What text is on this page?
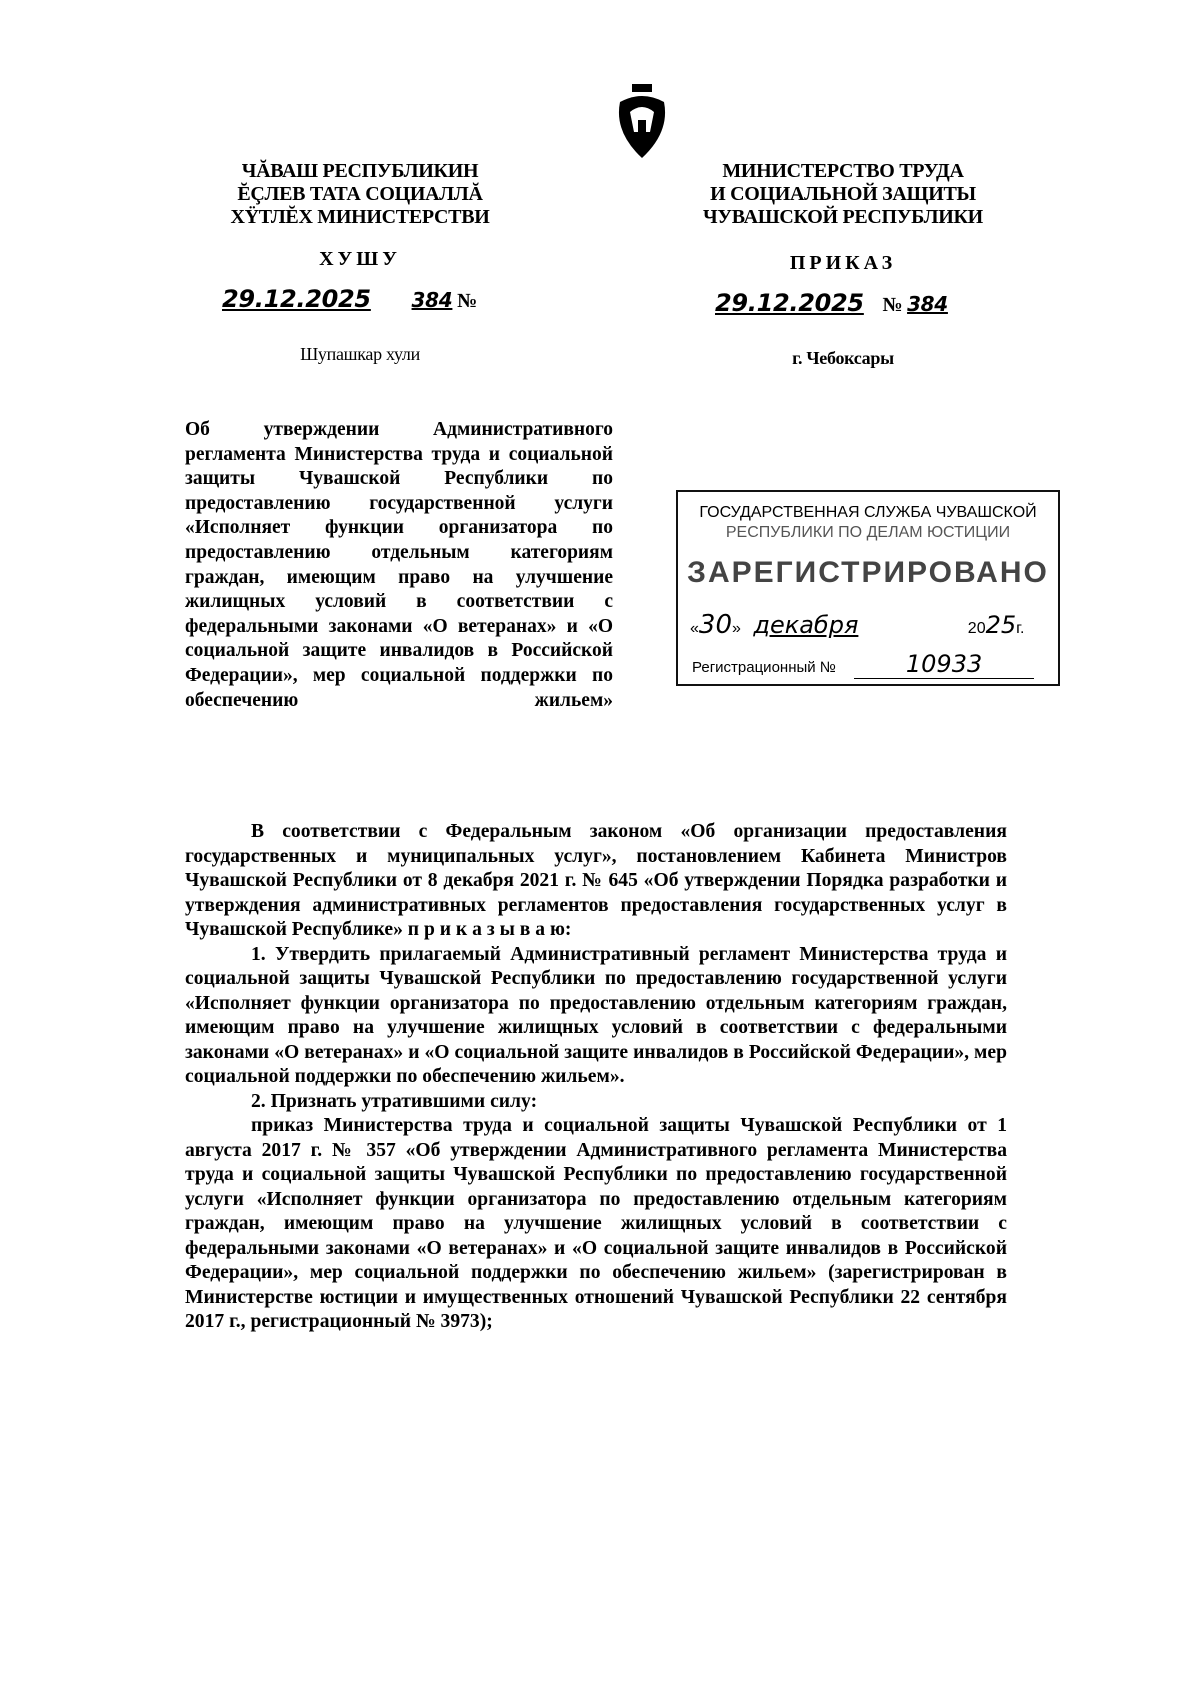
ЧĂВАШ РЕСПУБЛИКИН
ĔÇЛЕВ ТАТА СОЦИАЛЛĂ
ХŸТЛĔХ МИНИСТЕРСТВИ
ХУШУ
29.12.2025 384 №
Шупашкар хули
МИНИСТЕРСТВО ТРУДА
И СОЦИАЛЬНОЙ ЗАЩИТЫ
ЧУВАШСКОЙ РЕСПУБЛИКИ
ПРИКАЗ
29.12.2025 № 384
г. Чебоксары
Об утверждении Административного регламента Министерства труда и социальной защиты Чувашской Республики по предоставлению государственной услуги «Исполняет функции организатора по предоставлению отдельным категориям граждан, имеющим право на улучшение жилищных условий в соответствии с федеральными законами «О ветеранах» и «О социальной защите инвалидов в Российской Федерации», мер социальной поддержки по обеспечению жильем»
ГОСУДАРСТВЕННАЯ СЛУЖБА ЧУВАШСКОЙ
РЕСПУБЛИКИ ПО ДЕЛАМ ЮСТИЦИИ
ЗАРЕГИСТРИРОВАНО
«30» декабря	2025г.
Регистрационный №	10933

В соответствии с Федеральным законом «Об организации предоставления государственных и муниципальных услуг», постановлением Кабинета Министров Чувашской Республики от 8 декабря 2021 г. № 645 «Об утверждении Порядка разработки и утверждения административных регламентов предоставления государственных услуг в Чувашской Республике» п р и к а з ы в а ю:

1. Утвердить прилагаемый Административный регламент Министерства труда и социальной защиты Чувашской Республики по предоставлению государственной услуги «Исполняет функции организатора по предоставлению отдельным категориям граждан, имеющим право на улучшение жилищных условий в соответствии с федеральными законами «О ветеранах» и «О социальной защите инвалидов в Российской Федерации», мер социальной поддержки по обеспечению жильем».

2. Признать утратившими силу:

приказ Министерства труда и социальной защиты Чувашской Республики от 1 августа 2017 г. № 357 «Об утверждении Административного регламента Министерства труда и социальной защиты Чувашской Республики по предоставлению государственной услуги «Исполняет функции организатора по предоставлению отдельным категориям граждан, имеющим право на улучшение жилищных условий в соответствии с федеральными законами «О ветеранах» и «О социальной защите инвалидов в Российской Федерации», мер социальной поддержки по обеспечению жильем» (зарегистрирован в Министерстве юстиции и имущественных отношений Чувашской Республики 22 сентября 2017 г., регистрационный № 3973);
